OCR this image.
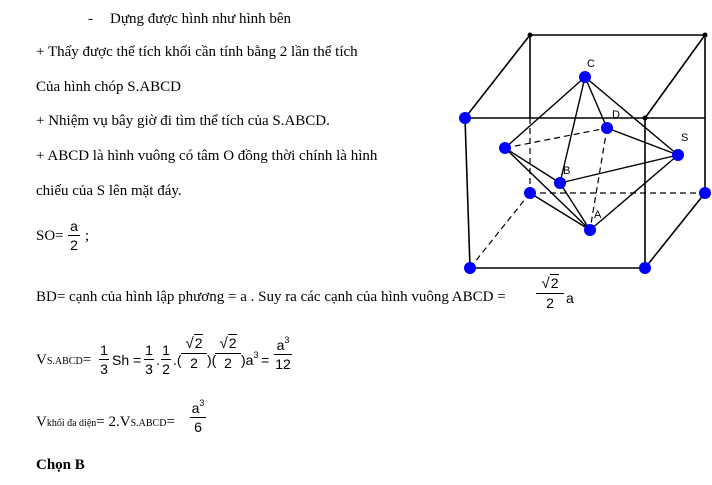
- Dựng được hình như hình bên
+ Thấy được thể tích khối cần tính bằng 2 lần thể tích
Của hình chóp S.ABCD
+ Nhiệm vụ bây giờ đi tìm thể tích của S.ABCD.
+ ABCD là hình vuông có tâm O đồng thời chính là hình
chiếu của S lên mặt đáy.
SO=
a
2
;
BD= cạnh của hình lập phương = a . Suy ra các cạnh của hình vuông ABCD =
√2
2 a
VS.ABCD=
1
3
Sh =
1
3
.
1
2
.(
√2
2 )(
√2
2 )$a^3$ =
$a^3$
12
Vkhối đa diện= 2.VS.ABCD=
$a^3$
6
Chọn B
C
D
S
B
A
